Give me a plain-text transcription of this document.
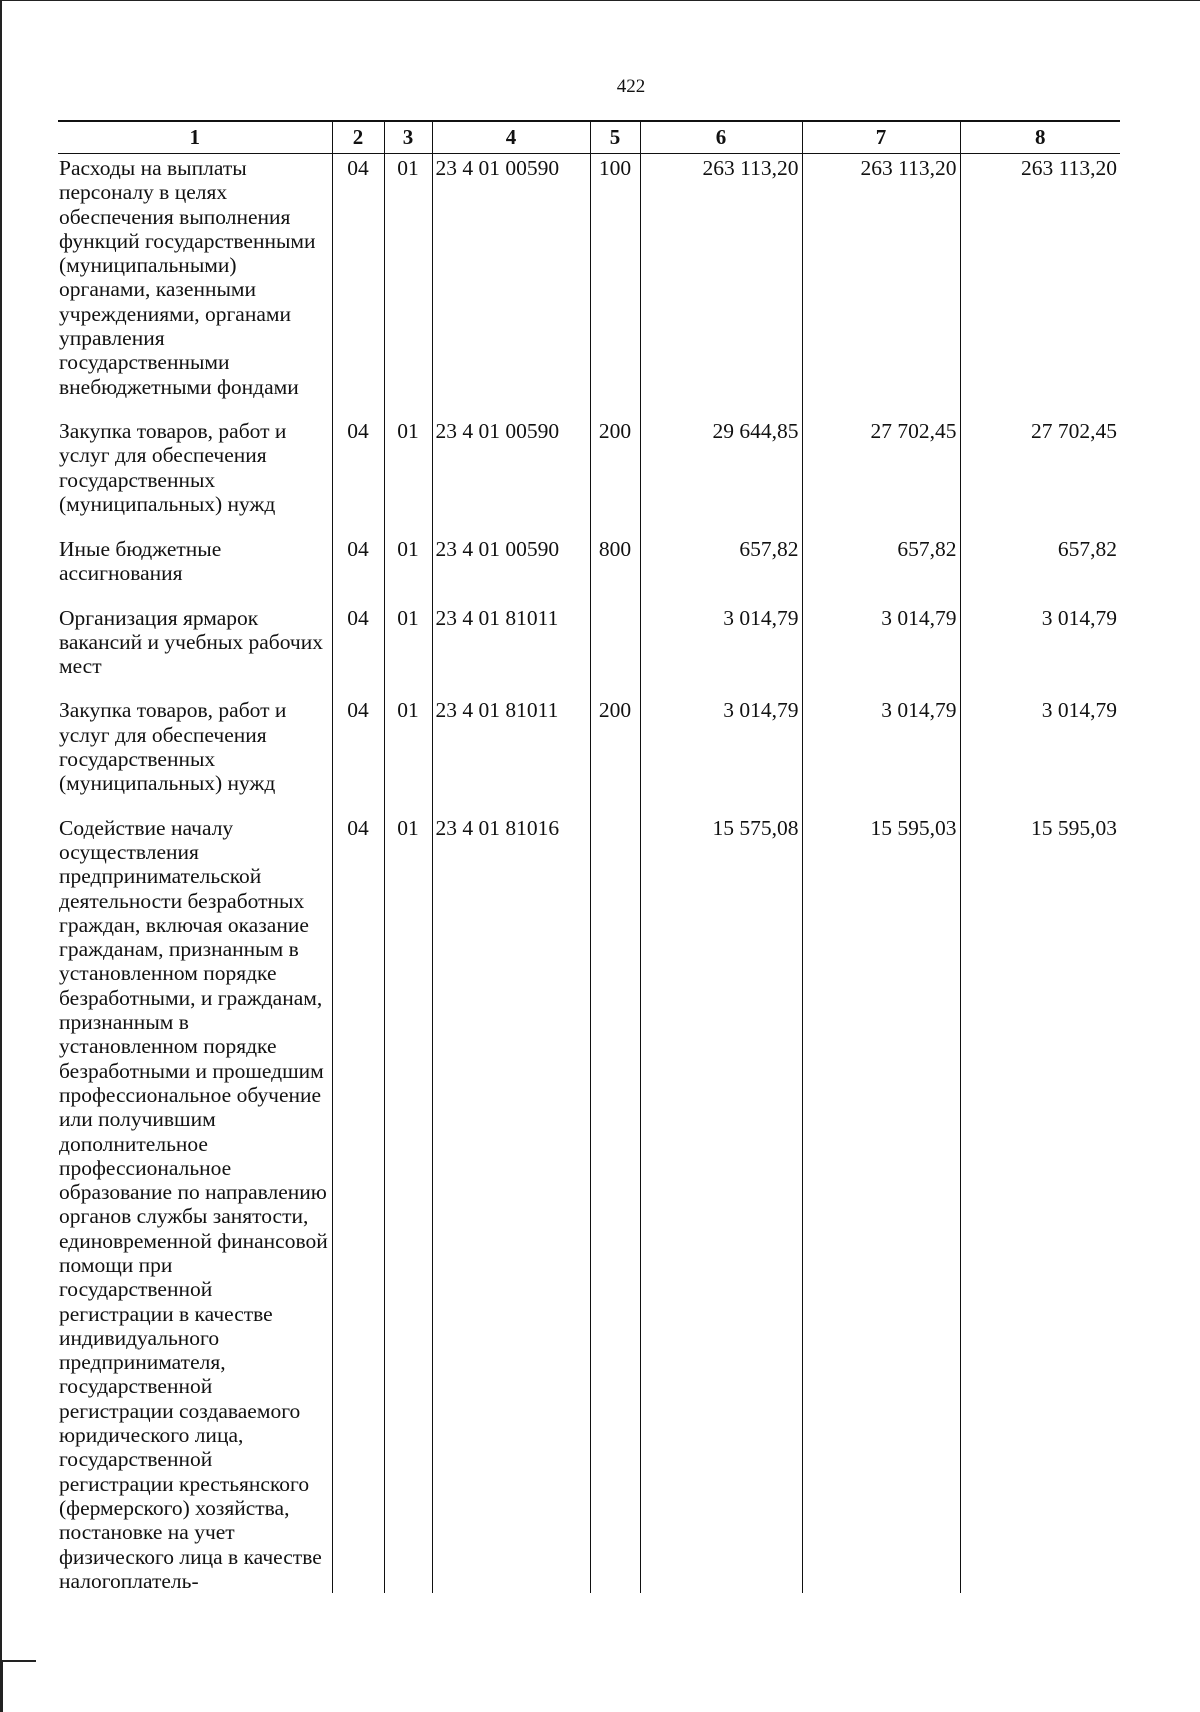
422
1	2	3	4	5	6	7	8
Расходы на выплаты персоналу в целях обеспечения выполнения функций государственными (муниципальными) органами, казенными учреждениями, органами управления государственными внебюджетными фондами	04	01	23 4 01 00590	100	263 113,20	263 113,20	263 113,20
Закупка товаров, работ и услуг для обеспечения государственных (муниципальных) нужд	04	01	23 4 01 00590	200	29 644,85	27 702,45	27 702,45
Иные бюджетные ассигнования	04	01	23 4 01 00590	800	657,82	657,82	657,82
Организация ярмарок вакансий и учебных рабочих мест	04	01	23 4 01 81011		3 014,79	3 014,79	3 014,79
Закупка товаров, работ и услуг для обеспечения государственных (муниципальных) нужд	04	01	23 4 01 81011	200	3 014,79	3 014,79	3 014,79
Содействие началу осуществления предпринимательской деятельности безработных граждан, включая оказание гражданам, признанным в установленном порядке безработными, и гражданам, признанным в установленном порядке безработными и прошедшим профессиональное обучение или получившим дополнительное профессиональное образование по направлению органов службы занятости, единовременной финансовой помощи при государственной регистрации в качестве индивидуального предпринимателя, государственной регистрации создаваемого юридического лица, государственной регистрации крестьянского (фермерского) хозяйства, постановке на учет физического лица в качестве налогоплатель-	04	01	23 4 01 81016		15 575,08	15 595,03	15 595,03
